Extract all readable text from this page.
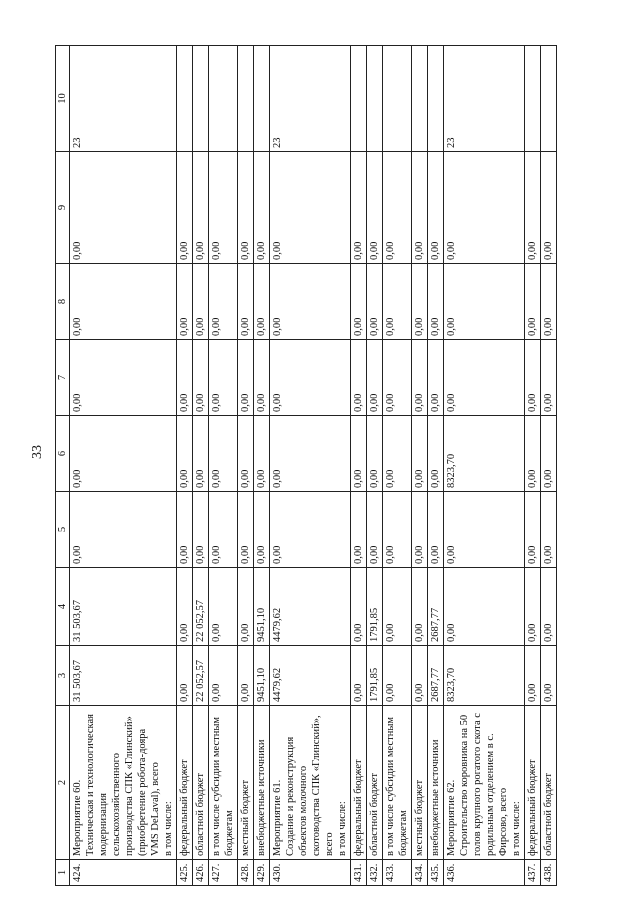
33
1	2	3	4	5	6	7	8	9	10
424.	Мероприятие 60.
Техническая и технологическая модернизация сельскохозяйственного производства СПК «Глинский» (приобретение робота-дояра VMS DeLaval), всего
в том числе:	31 503,67	31 503,67	0,00	0,00	0,00	0,00	0,00	23
425.	федеральный бюджет	0,00	0,00	0,00	0,00	0,00	0,00	0,00	
426.	областной бюджет	22 052,57	22 052,57	0,00	0,00	0,00	0,00	0,00	
427.	в том числе субсидии местным бюджетам	0,00	0,00	0,00	0,00	0,00	0,00	0,00	
428.	местный бюджет	0,00	0,00	0,00	0,00	0,00	0,00	0,00	
429.	внебюджетные источники	9451,10	9451,10	0,00	0,00	0,00	0,00	0,00	
430.	Мероприятие 61.
Создание и реконструкция объектов молочного скотоводства СПК «Глинский», всего
в том числе:	4479,62	4479,62	0,00	0,00	0,00	0,00	0,00	23
431.	федеральный бюджет	0,00	0,00	0,00	0,00	0,00	0,00	0,00	
432.	областной бюджет	1791,85	1791,85	0,00	0,00	0,00	0,00	0,00	
433.	в том числе субсидии местным бюджетам	0,00	0,00	0,00	0,00	0,00	0,00	0,00	
434.	местный бюджет	0,00	0,00	0,00	0,00	0,00	0,00	0,00	
435.	внебюджетные источники	2687,77	2687,77	0,00	0,00	0,00	0,00	0,00	
436.	Мероприятие 62.
Строительство коровника на 50 голов крупного рогатого скота с родильным отделением в с. Фирсово, всего
в том числе:	8323,70	0,00	0,00	8323,70	0,00	0,00	0,00	23
437.	федеральный бюджет	0,00	0,00	0,00	0,00	0,00	0,00	0,00	
438.	областной бюджет	0,00	0,00	0,00	0,00	0,00	0,00	0,00	
